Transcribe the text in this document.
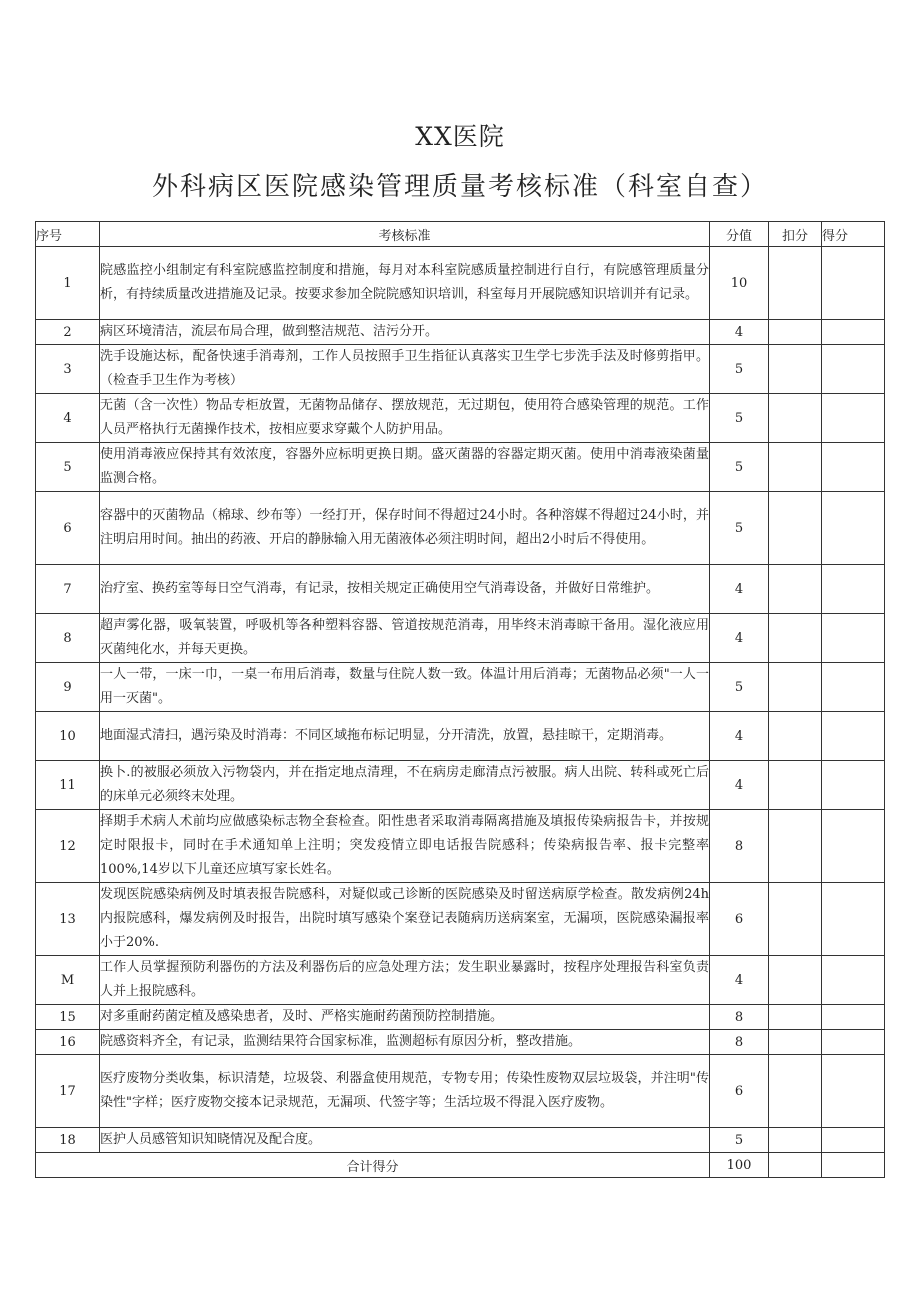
XX医院
外科病区医院感染管理质量考核标准（科室自查）
序号	考核标准	分值	扣分	得分
1	院感监控小组制定有科室院感监控制度和措施，每月对本科室院感质量控制进行自行，有院感管理质量分析，有持续质量改进措施及记录。按要求参加全院院感知识培训，科室每月开展院感知识培训并有记录。	10		
2	病区环境清洁，流层布局合理，做到整洁规范、洁污分开。	4		
3	洗手设施达标，配备快速手消毒剂，工作人员按照手卫生指征认真落实卫生学七步洗手法及时修剪指甲。（检查手卫生作为考核）	5		
4	无菌（含一次性）物品专柜放置，无菌物品储存、摆放规范，无过期包，使用符合感染管理的规范。工作人员严格执行无菌操作技术，按相应要求穿戴个人防护用品。	5		
5	使用消毒液应保持其有效浓度，容器外应标明更换日期。盛灭菌器的容器定期灭菌。使用中消毒液染菌量监测合格。	5		
6	容器中的灭菌物品（棉球、纱布等）一经打开，保存时间不得超过24小时。各种溶媒不得超过24小时，并注明启用时间。抽出的药液、开启的静脉输入用无菌液体必须注明时间，超出2小时后不得使用。	5		
7	治疗室、换药室等每日空气消毒，有记录，按相关规定正确使用空气消毒设备，并做好日常维护。	4		
8	超声雾化器，吸氧装置，呼吸机等各种塑料容器、管道按规范消毒，用毕终末消毒晾干备用。湿化液应用灭菌纯化水，并每天更换。	4		
9	一人一带，一床一巾，一桌一布用后消毒，数量与住院人数一致。体温计用后消毒；无菌物品必须"一人一用一灭菌"。	5		
10	地面湿式清扫，遇污染及时消毒：不同区域拖布标记明显，分开清洗，放置，悬挂晾干，定期消毒。	4		
11	换卜.的被服必须放入污物袋内，并在指定地点清理，不在病房走廊清点污被服。病人出院、转科或死亡后的床单元必须终末处理。	4		
12	择期手术病人术前均应做感染标志物全套检查。阳性患者采取消毒隔离措施及填报传染病报告卡，并按规定时限报卡，同时在手术通知单上注明；突发疫情立即电话报告院感科；传染病报告率、报卡完整率100%,14岁以下儿童还应填写家长姓名。	8		
13	发现医院感染病例及时填表报告院感科，对疑似或己诊断的医院感染及时留送病原学检查。散发病例24h内报院感科，爆发病例及时报告，出院时填写感染个案登记表随病历送病案室，无漏项，医院感染漏报率小于20%.	6		
M	工作人员掌握预防利器伤的方法及利器伤后的应急处理方法；发生职业暴露时，按程序处理报告科室负责人并上报院感科。	4		
15	对多重耐药菌定植及感染患者，及时、严格实施耐药菌预防控制措施。	8		
16	院感资料齐全，有记录，监测结果符合国家标准，监测超标有原因分析，整改措施。	8		
17	医疗废物分类收集，标识清楚，垃圾袋、利器盒使用规范，专物专用；传染性废物双层垃圾袋，并注明"传染性"字样；医疗废物交接本记录规范，无漏项、代签字等；生活垃圾不得混入医疗废物。	6		
18	医护人员感管知识知晓情况及配合度。	5		
合计得分		100		
